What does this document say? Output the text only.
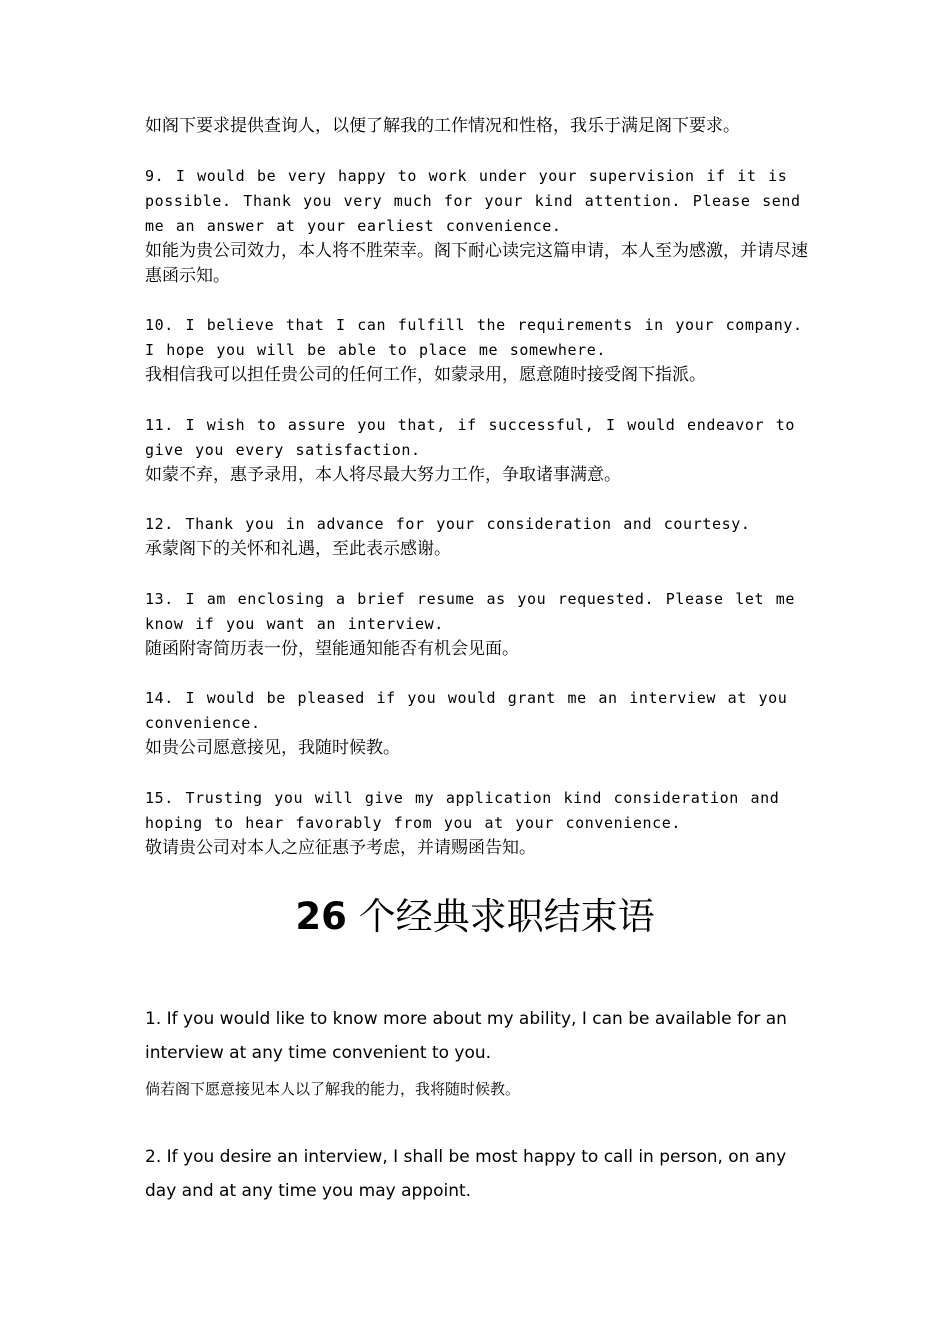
如阁下要求提供查询人，以便了解我的工作情况和性格，我乐于满足阁下要求。
9. I would be very happy to work under your supervision if it is possible. Thank you very much for your kind attention. Please send me an answer at your earliest convenience.
如能为贵公司效力，本人将不胜荣幸。阁下耐心读完这篇申请，本人至为感激，并请尽速惠函示知。
10. I believe that I can fulfill the requirements in your company. I hope you will be able to place me somewhere.
我相信我可以担任贵公司的任何工作，如蒙录用，愿意随时接受阁下指派。
11. I wish to assure you that, if successful, I would endeavor to give you every satisfaction.
如蒙不弃，惠予录用，本人将尽最大努力工作，争取诸事满意。
12. Thank you in advance for your consideration and courtesy.
承蒙阁下的关怀和礼遇，至此表示感谢。
13. I am enclosing a brief resume as you requested. Please let me know if you want an interview.
随函附寄简历表一份，望能通知能否有机会见面。
14. I would be pleased if you would grant me an interview at you convenience.
如贵公司愿意接见，我随时候教。
15. Trusting you will give my application kind consideration and hoping to hear favorably from you at your convenience.
敬请贵公司对本人之应征惠予考虑，并请赐函告知。
26 个经典求职结束语
1. If you would like to know more about my ability, I can be available for an interview at any time convenient to you.
倘若阁下愿意接见本人以了解我的能力，我将随时候教。
2. If you desire an interview, I shall be most happy to call in person, on any day and at any time you may appoint.
